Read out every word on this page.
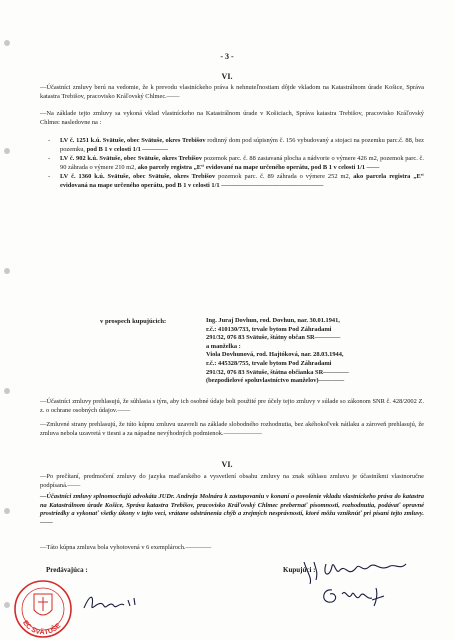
- 3 -
VI.
—Účastníci zmluvy berú na vedomie, že k prevodu vlastníckeho práva k nehnuteľnostiam dôjde vkladom na Katastrálnom úrade Košice, Správa katastra Trebišov, pracovisko Kráľovský Chlmec.——
—Na základe tejto zmluvy sa vykoná vklad vlastníckeho na Katastrálnom úrade v Košiciach, Správa katastra Trebišov, pracovisko Kráľovský Chlmec nasledovne na :
- LV č. 1251 k.ú. Svätuše, obec Svätuše, okres Trebišov rodinný dom pod súpisným č. 156 vybudovaný a stojaci na pozemku parc.č. 88, bez pozemku, pod B 1 v celosti 1/1 ————
- LV č. 902 k.ú. Svätuše, obec Svätuše, okres Trebišov pozemok parc. č. 88 zastavaná plocha a nádvorie o výmere 426 m2, pozemok parc. č. 90 záhrada o výmere 210 m2, ako parcely registra „E“ evidované na mape určeného operátu, pod B 1 v celosti 1/1 ——
- LV č. 1360 k.ú. Svätuše, obec Svätuše, okres Trebišov pozemok parc. č. 89 záhrada o výmere 252 m2, ako parcela registra „E“ evidovaná na mape určeného operátu, pod B 1 v celosti 1/1 ————————————————
v prospech kupujúcich:	Ing. Juraj Dovhun, rod. Dovhun, nar. 30.01.1941,
r.č.: 410130/733, trvale bytom Pod Záhradami
291/32, 076 83 Svätuše, štátny občan SR————
a manželka :
Viola Dovhunová, rod. Hajtóková, nar. 28.03.1944,
r.č.: 445328/755, trvale bytom Pod Záhradami
291/32, 076 83 Svätuše, štátna občianka SR————
(bezpodielové spoluvlastníctvo manželov)————
—Účastníci zmluvy prehlasujú, že súhlasia s tým, aby ich osobné údaje boli použité pre účely tejto zmluvy v súlade so zákonom SNR č. 428/2002 Z. z. o ochrane osobných údajov.——
—Zmluvné strany prehlasujú, že túto kúpnu zmluvu uzavreli na základe slobodného rozhodnutia, bez akéhokoľvek nátlaku a zároveň prehlasujú, že zmluva nebola uzavretá v tiesni a za nápadne nevýhodných podmienok.——————
VI.
—Po prečítaní, predmočení zmluvy do jazyka maďarského a vysvetlení obsahu zmluvy na znak súhlasu zmluvu je účastníkmi vlastnoručne podpísaná.——
—Účastníci zmluvy splnomocňujú advokáta JUDr. Andreja Molnára k zastupovaniu v konaní o povolenie vkladu vlastníckeho práva do katastra na Katastrálnom úrade Košice, Správa katastra Trebišov, pracovisko Kráľovský Chlmec prebernať písomnosti, rozhodnutia, podávať opravné prostriedky a vykonať všetky úkony v tejto veci, vrátane odstránenia chýb a zrejmých nesprávností, ktoré môžu vzniknúť pri písaní tejto zmluvy.——
—Táto kúpna zmluva bola vyhotovená v 6 exemplároch.————
Predávajúca :	Kupujúci :
EC SVÄTUŠE
